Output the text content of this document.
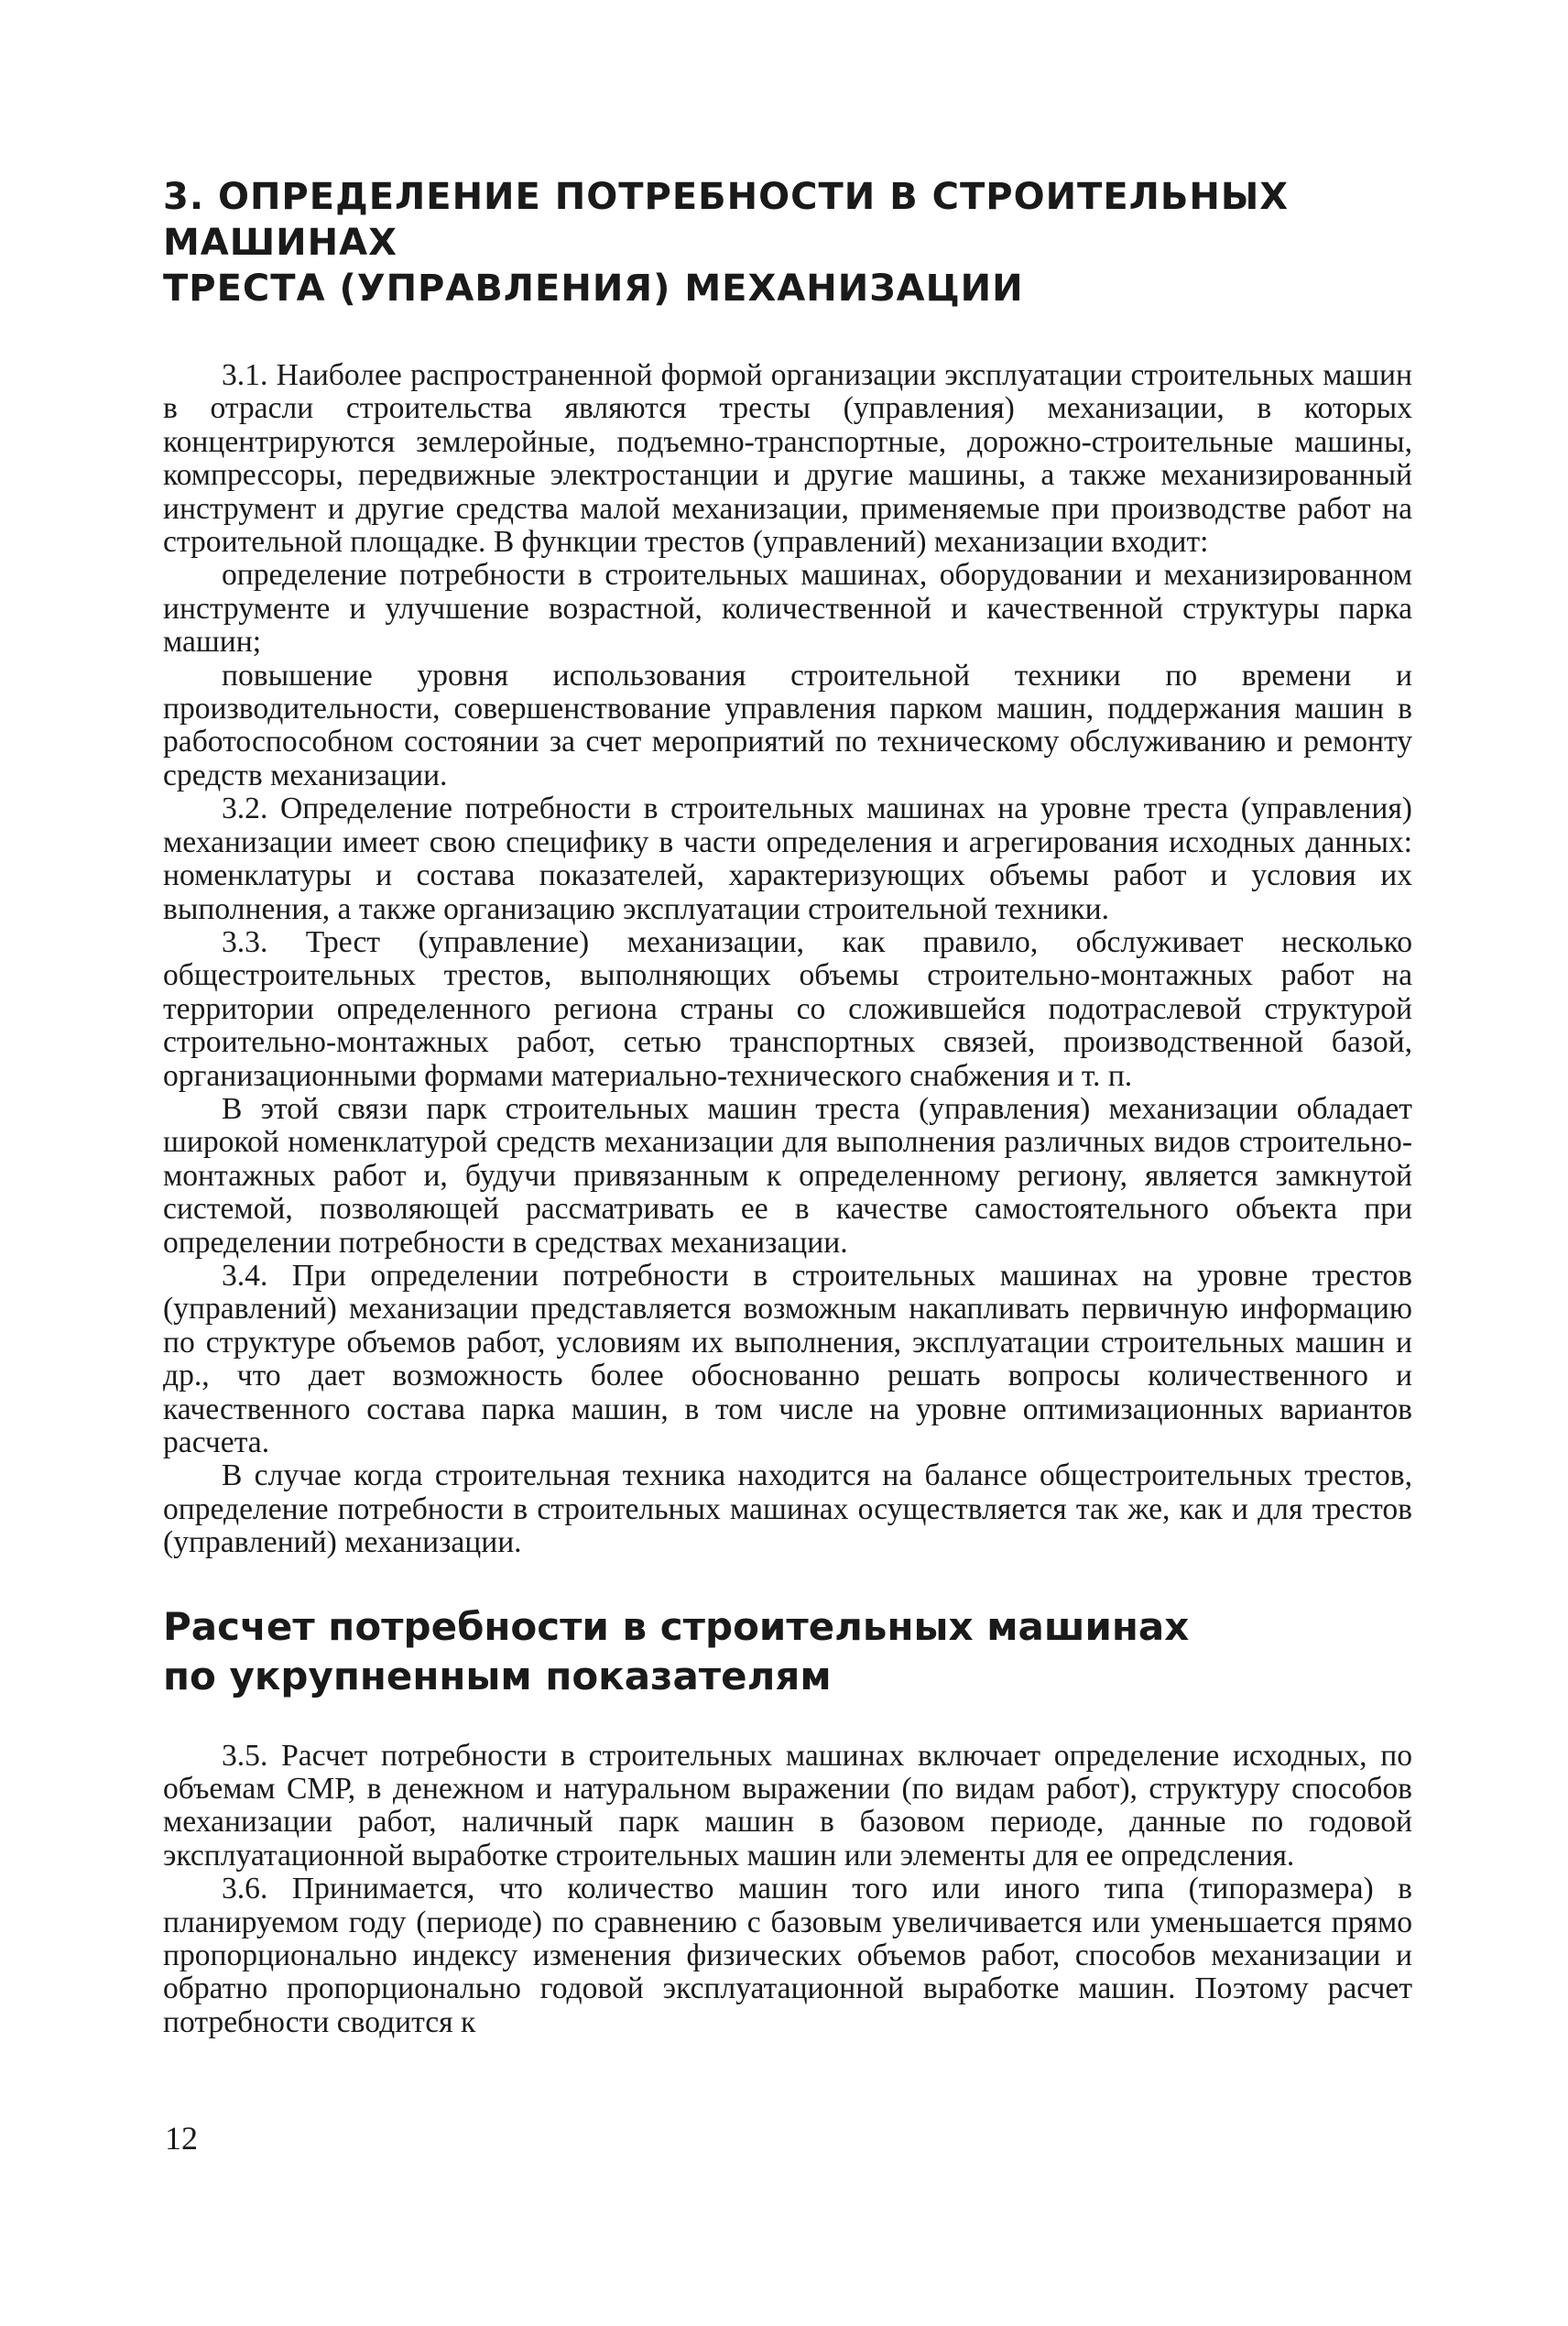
3. ОПРЕДЕЛЕНИЕ ПОТРЕБНОСТИ В СТРОИТЕЛЬНЫХ МАШИНАХ
ТРЕСТА (УПРАВЛЕНИЯ) МЕХАНИЗАЦИИ

3.1. Наиболее распространенной формой организации эксплуатации строительных машин в отрасли строительства являются тресты (управления) механизации, в которых концентрируются землеройные, подъемно-транспортные, дорожно-строительные машины, компрессоры, передвижные электростанции и другие машины, а также механизированный инструмент и другие средства малой механизации, применяемые при производстве работ на строительной площадке. В функции трестов (управлений) механизации входит:

определение потребности в строительных машинах, оборудовании и механизированном инструменте и улучшение возрастной, количественной и качественной структуры парка машин;

повышение уровня использования строительной техники по времени и производительности, совершенствование управления парком машин, поддержания машин в работоспособном состоянии за счет мероприятий по техническому обслуживанию и ремонту средств механизации.

3.2. Определение потребности в строительных машинах на уровне треста (управления) механизации имеет свою специфику в части определения и агрегирования исходных данных: номенклатуры и состава показателей, характеризующих объемы работ и условия их выполнения, а также организацию эксплуатации строительной техники.

3.3. Трест (управление) механизации, как правило, обслуживает несколько общестроительных трестов, выполняющих объемы строительно-монтажных работ на территории определенного региона страны со сложившейся подотраслевой структурой строительно-монтажных работ, сетью транспортных связей, производственной базой, организационными формами материально-технического снабжения и т. п.

В этой связи парк строительных машин треста (управления) механизации обладает широкой номенклатурой средств механизации для выполнения различных видов строительно-монтажных работ и, будучи привязанным к определенному региону, является замкнутой системой, позволяющей рассматривать ее в качестве самостоятельного объекта при определении потребности в средствах механизации.

3.4. При определении потребности в строительных машинах на уровне трестов (управлений) механизации представляется возможным накапливать первичную информацию по структуре объемов работ, условиям их выполнения, эксплуатации строительных машин и др., что дает возможность более обоснованно решать вопросы количественного и качественного состава парка машин, в том числе на уровне оптимизационных вариантов расчета.

В случае когда строительная техника находится на балансе общестроительных трестов, определение потребности в строительных машинах осуществляется так же, как и для трестов (управлений) механизации.

Расчет потребности в строительных машинах
по укрупненным показателям

3.5. Расчет потребности в строительных машинах включает определение исходных, по объемам СМР, в денежном и натуральном выражении (по видам работ), структуру способов механизации работ, наличный парк машин в базовом периоде, данные по годовой эксплуатационной выработке строительных машин или элементы для ее опредсления.

3.6. Принимается, что количество машин того или иного типа (типоразмера) в планируемом году (периоде) по сравнению с базовым увеличивается или уменьшается прямо пропорционально индексу изменения физических объемов работ, способов механизации и обратно пропорционально годовой эксплуатационной выработке машин. Поэтому расчет потребности сводится к

12
